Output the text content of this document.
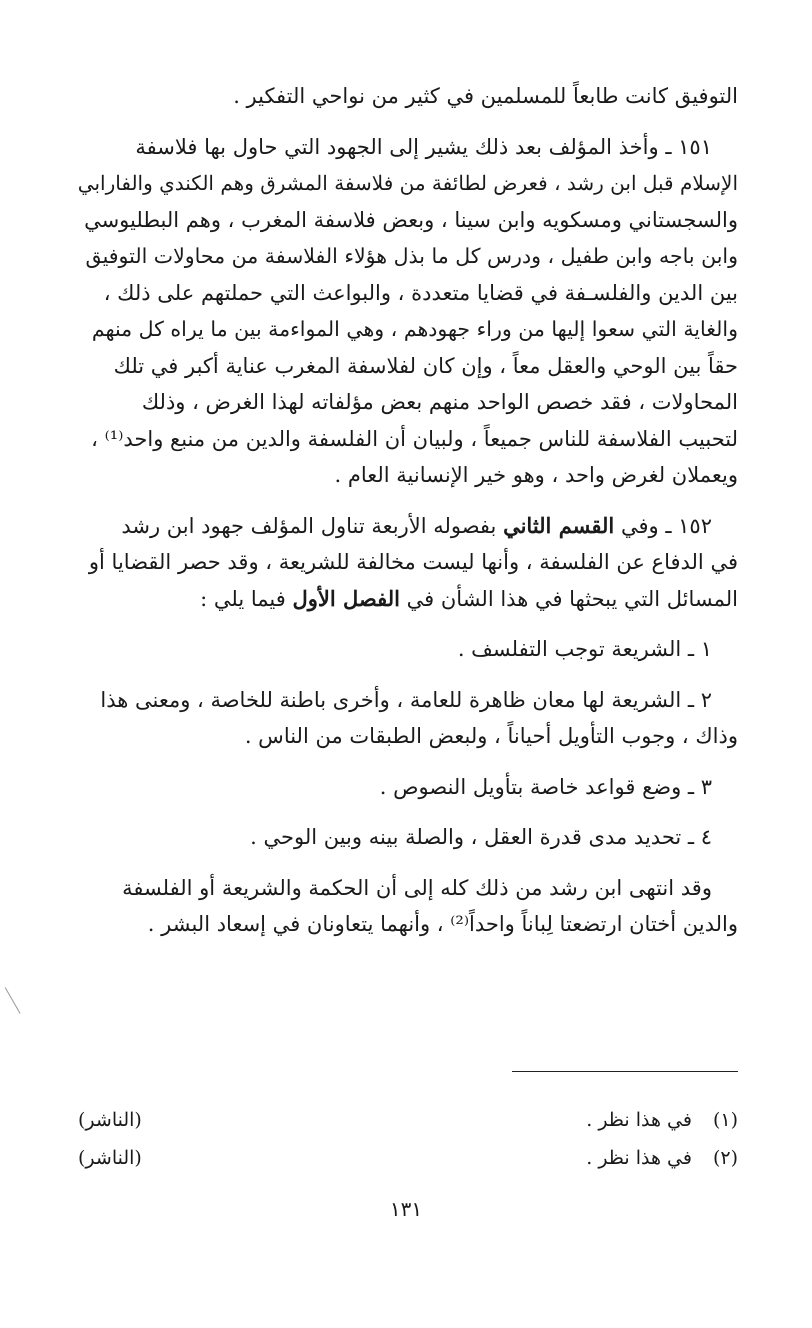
التوفيق كانت طابعاً للمسلمين في كثير من نواحي التفكير .
١٥١ ـ وأخذ المؤلف بعد ذلك يشير إلى الجهود التي حاول بها فلاسفة
الإسلام قبل ابن رشد ، فعرض لطائفة من فلاسفة المشرق وهم الكندي والفارابي
والسجستاني ومسكويه وابن سينا ، وبعض فلاسفة المغرب ، وهم البطليوسي
وابن باجه وابن طفيل ، ودرس كل ما بذل هؤلاء الفلاسفة من محاولات التوفيق
بين الدين والفلسـفة في قضايا متعددة ، والبواعث التي حملتهم على ذلك ،
والغاية التي سعوا إليها من وراء جهودهم ، وهي المواءمة بين ما يراه كل منهم
حقاً بين الوحي والعقل معاً ، وإن كان لفلاسفة المغرب عناية أكبر في تلك
المحاولات ، فقد خصص الواحد منهم بعض مؤلفاته لهذا الغرض ، وذلك
لتحبيب الفلاسفة للناس جميعاً ، ولبيان أن الفلسفة والدين من منبع واحد⁽¹⁾ ،
ويعملان لغرض واحد ، وهو خير الإنسانية العام .
١٥٢ ـ وفي القسم الثاني بفصوله الأربعة تناول المؤلف جهود ابن رشد
في الدفاع عن الفلسفة ، وأنها ليست مخالفة للشريعة ، وقد حصر القضايا أو
المسائل التي يبحثها في هذا الشأن في الفصل الأول فيما يلي :
١ ـ الشريعة توجب التفلسف .
٢ ـ الشريعة لها معان ظاهرة للعامة ، وأخرى باطنة للخاصة ، ومعنى هذا
وذاك ، وجوب التأويل أحياناً ، ولبعض الطبقات من الناس .
٣ ـ وضع قواعد خاصة بتأويل النصوص .
٤ ـ تحديد مدى قدرة العقل ، والصلة بينه وبين الوحي .
وقد انتهى ابن رشد من ذلك كله إلى أن الحكمة والشريعة أو الفلسفة
والدين أختان ارتضعتا لِباناً واحداً⁽²⁾ ، وأنهما يتعاونان في إسعاد البشر .
(١) في هذا نظر .
(الناشر)
(٢) في هذا نظر .
(الناشر)
١٣١
